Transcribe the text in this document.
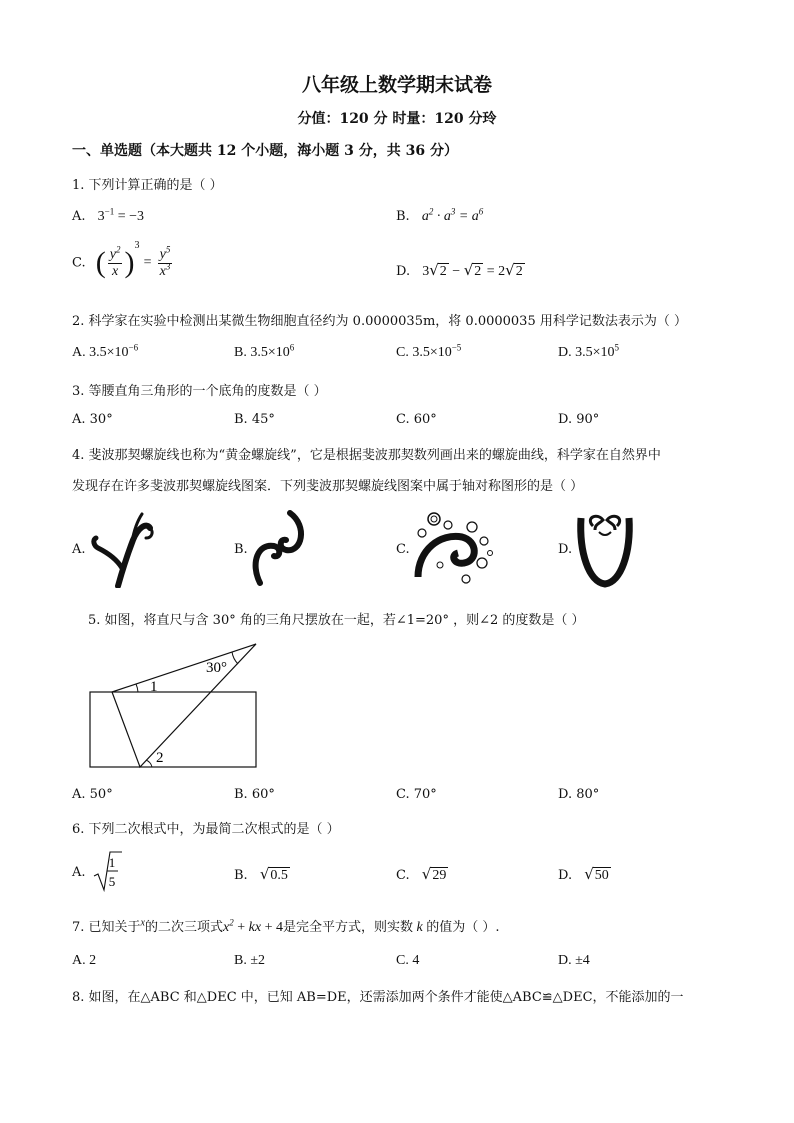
八年级上数学期末试卷
分值：120 分 时量：120 分玲
一、单选题（本大题共 12 个小题，海小题 3 分，共 36 分）
1. 下列计算正确的是（ ）
A. $3^{-1} = -3$	B. $a^2 \cdot a^3 = a^6$
C. ( $\frac{y^2}{x} )^3 = \frac{y^5}{x^3}$	D. 3√2 − √2 = 2√2
2. 科学家在实验中检测出某微生物细胞直径约为 0.0000035m，将 0.0000035 用科学记数法表示为（ ）
A. $3.5\times 10^{-6}$	B. $3.5\times 10^6$	C. $3.5\times 10^{-5}$	D. $3.5\times 10^5$
3. 等腰直角三角形的一个底角的度数是（ ）
A. 30°	B. 45°	C. 60°	D. 90°
4. 斐波那契螺旋线也称为“黄金螺旋线”，它是根据斐波那契数列画出来的螺旋曲线，科学家在自然界中
发现存在许多斐波那契螺旋线图案．下列斐波那契螺旋线图案中属于轴对称图形的是（ ）
A.	B.	C.	D.
5. 如图，将直尺与含 30° 角的三角尺摆放在一起，若∠1=20° ，则∠2 的度数是（ ）
30°
1
2
A. 50°	B. 60°	C. 70°	D. 80°
6. 下列二次根式中，为最简二次根式的是（ ）
A.
1
5	B. √0.5	C. √29	D. √50
7. 已知关于$^x$的二次三项式$x^2$ + kx + 4是完全平方式，则实数 k 的值为（ ）.
A. 2	B. ±2	C. 4	D. ±4
8. 如图，在△ABC 和△DEC 中，已知 AB=DE，还需添加两个条件才能使△ABC≌△DEC，不能添加的一
